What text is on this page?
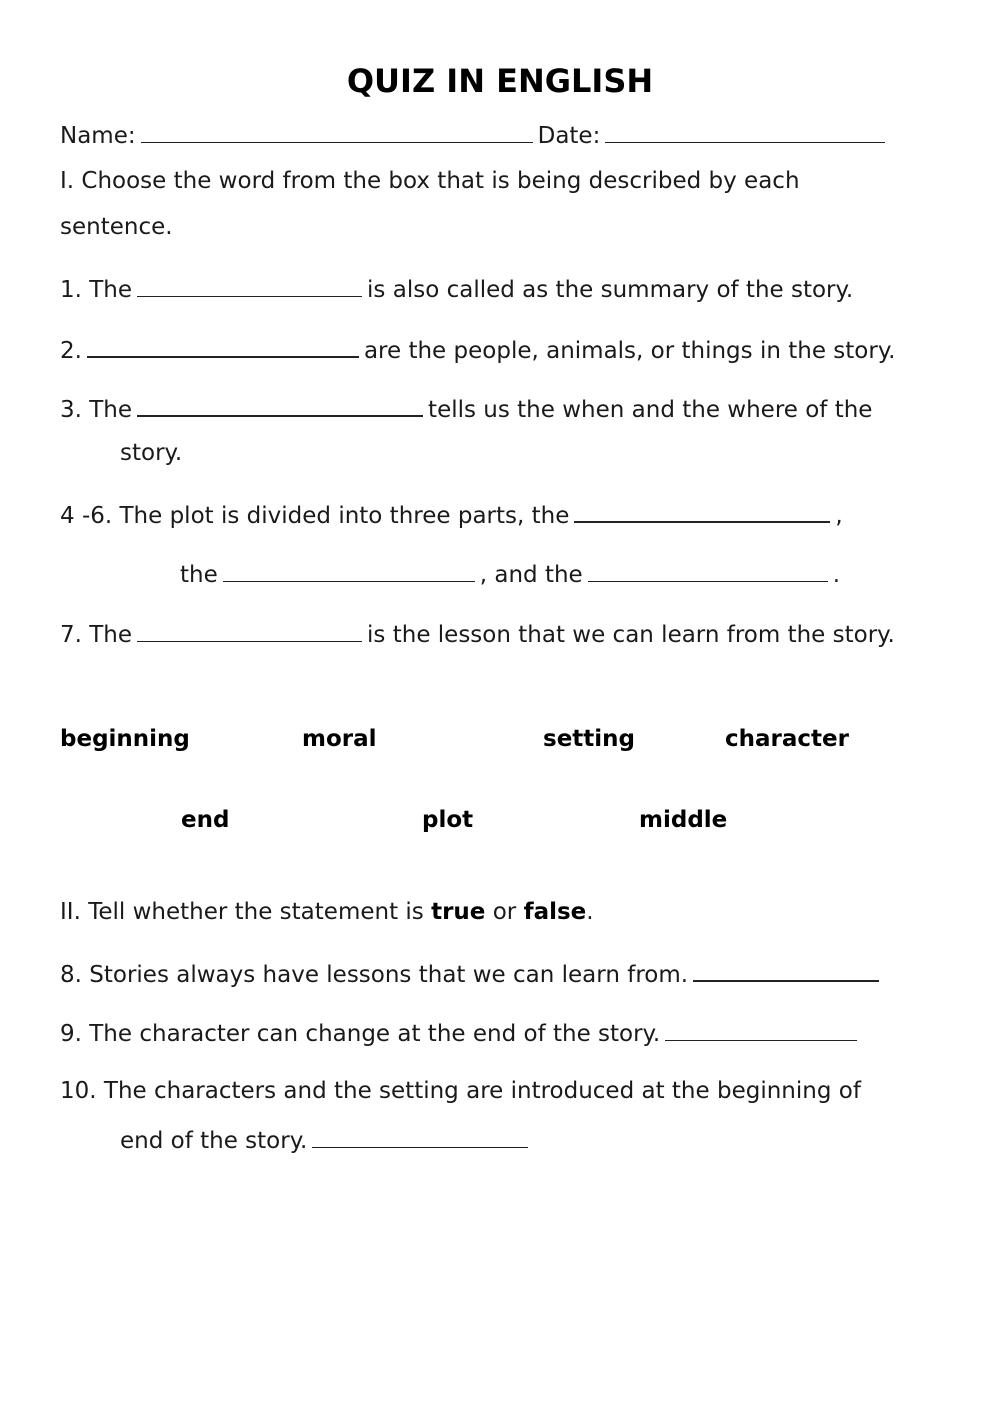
QUIZ IN ENGLISH
Name:	Date:
I. Choose the word from the box that is being described by each
sentence.
1. The	is also called as the summary of the story.
2.	are the people, animals, or things in the story.
3. The	tells us the when and the where of the
story.
4 -6. The plot is divided into three parts, the	,
the	, and the	.
7. The	is the lesson that we can learn from the story.
beginning	moral	setting	character
end	plot	middle
II. Tell whether the statement is true or false.
8. Stories always have lessons that we can learn from.
9. The character can change at the end of the story.
10. The characters and the setting are introduced at the beginning of
end of the story.
